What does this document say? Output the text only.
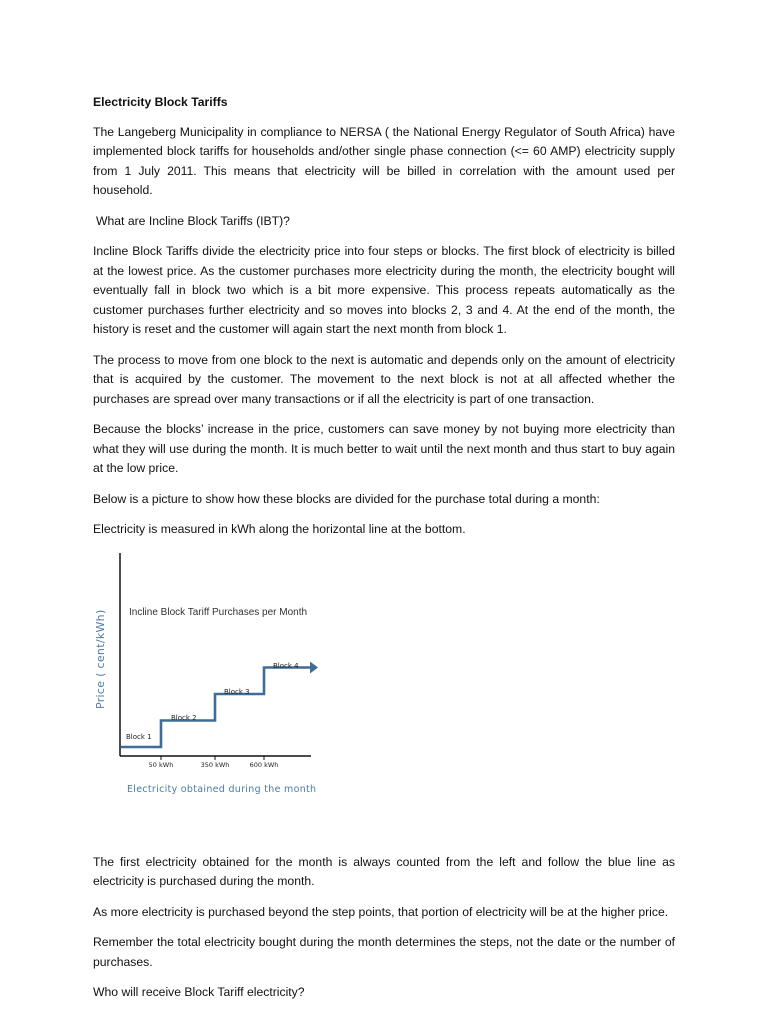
Electricity Block Tariffs

The Langeberg Municipality in compliance to NERSA ( the National Energy Regulator of South Africa) have implemented block tariffs for households and/other single phase connection (<= 60 AMP) electricity supply from 1 July 2011. This means that electricity will be billed in correlation with the amount used per household.

What are Incline Block Tariffs (IBT)?

Incline Block Tariffs divide the electricity price into four steps or blocks. The first block of electricity is billed at the lowest price. As the customer purchases more electricity during the month, the electricity bought will eventually fall in block two which is a bit more expensive. This process repeats automatically as the customer purchases further electricity and so moves into blocks 2, 3 and 4. At the end of the month, the history is reset and the customer will again start the next month from block 1.

The process to move from one block to the next is automatic and depends only on the amount of electricity that is acquired by the customer. The movement to the next block is not at all affected whether the purchases are spread over many transactions or if all the electricity is part of one transaction.

Because the blocks’ increase in the price, customers can save money by not buying more electricity than what they will use during the month. It is much better to wait until the next month and thus start to buy again at the low price.

Below is a picture to show how these blocks are divided for the purchase total during a month:

Electricity is measured in kWh along the horizontal line at the bottom.

Incline Block Tariff Purchases per Month
Price ( cent/kWh)
Electricity obtained during the month
50 kWh	350 kWh	600 kWh
Block 1
Block 2
Block 3
Block 4

The first electricity obtained for the month is always counted from the left and follow the blue line as electricity is purchased during the month.

As more electricity is purchased beyond the step points, that portion of electricity will be at the higher price.

Remember the total electricity bought during the month determines the steps, not the date or the number of purchases.

Who will receive Block Tariff electricity?
